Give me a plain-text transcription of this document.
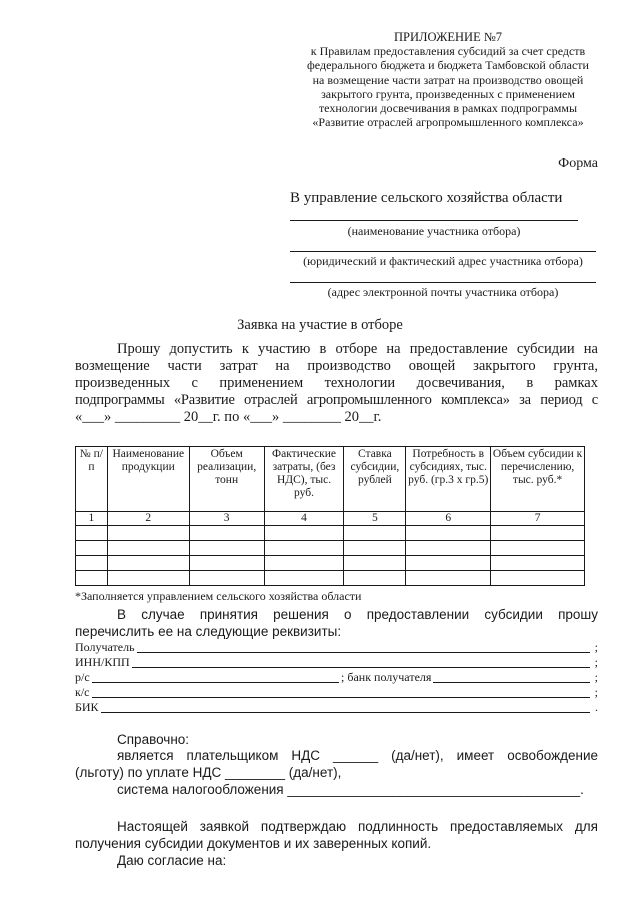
ПРИЛОЖЕНИЕ №7
к Правилам предоставления субсидий за счет средств
федерального бюджета и бюджета Тамбовской области
на возмещение части затрат на производство овощей
закрытого грунта, произведенных с применением
технологии досвечивания в рамках подпрограммы
«Развитие отраслей агропромышленного комплекса»
Форма
В управление сельского хозяйства области
(наименование участника отбора)
(юридический и фактический адрес участника отбора)
(адрес электронной почты участника отбора)
Заявка на участие в отборе
Прошу допустить к участию в отборе на предоставление субсидии на
возмещение части затрат на производство овощей закрытого грунта,
произведенных с применением технологии досвечивания, в рамках
подпрограммы «Развитие отраслей агропромышленного комплекса» за период с
«___» _________ 20__г. по «___» ________ 20__г.
№ п/п	Наименование продукции	Объем реализации, тонн	Фактические затраты, (без НДС), тыс. руб.	Ставка субсидии, рублей	Потребность в субсидиях, тыс. руб. (гр.3 х гр.5)	Объем субсидии к перечислению, тыс. руб.*
1	2	3	4	5	6	7

*Заполняется управлением сельского хозяйства области
В случае принятия решения о предоставлении субсидии прошу
перечислить ее на следующие реквизиты:
Получатель	;
ИНН/КПП	;
р/с	; банк получателя	;
к/с	;
БИК	.
Справочно:
является плательщиком НДС ______ (да/нет), имеет освобождение
(льготу) по уплате НДС ________ (да/нет),
система налогообложения _______________________________________.
Настоящей заявкой подтверждаю подлинность предоставляемых для
получения субсидии документов и их заверенных копий.
Даю согласие на:
